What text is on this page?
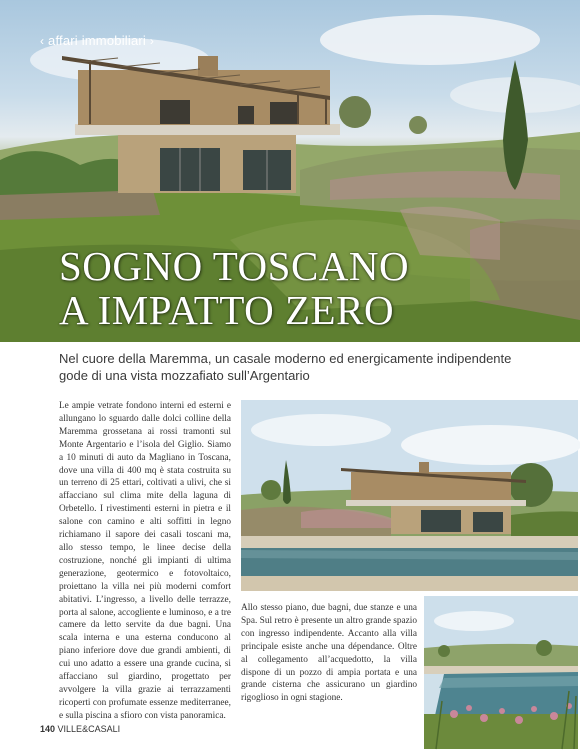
‹ affari immobiliari ›
SOGNO TOSCANO
A IMPATTO ZERO
Nel cuore della Maremma, un casale moderno ed energicamente indipendente gode di una vista mozzafiato sull’Argentario
Le ampie vetrate fondono interni ed esterni e allungano lo sguardo dalle dolci colline della Maremma grossetana ai rossi tramonti sul Monte Argentario e l’isola del Giglio. Siamo a 10 minuti di auto da Magliano in Toscana, dove una villa di 400 mq è stata costruita su un terreno di 25 ettari, coltivati a ulivi, che si affacciano sul clima mite della laguna di Orbetello. I rivestimenti esterni in pietra e il salone con camino e alti soffitti in legno richiamano il sapore dei casali toscani ma, allo stesso tempo, le linee decise della costruzione, nonché gli impianti di ultima generazione, geotermico e fotovoltaico, proiettano la villa nei più moderni comfort abitativi. L’ingresso, a livello delle terrazze, porta al salone, accogliente e luminoso, e a tre camere da letto servite da due bagni. Una scala interna e una esterna conducono al piano inferiore dove due grandi ambienti, di cui uno adatto a essere una grande cucina, si affacciano sul giardino, progettato per avvolgere la villa grazie ai terrazzamenti ricoperti con profumate essenze mediterranee, e sulla piscina a sfioro con vista panoramica.
Allo stesso piano, due bagni, due stanze e una Spa. Sul retro è presente un altro grande spazio con ingresso indipendente. Accanto alla villa principale esiste anche una dépendance. Oltre al collegamento all’acquedotto, la villa dispone di un pozzo di ampia portata e una grande cisterna che assicurano un giardino rigoglioso in ogni stagione.
140 VILLE&CASALI
